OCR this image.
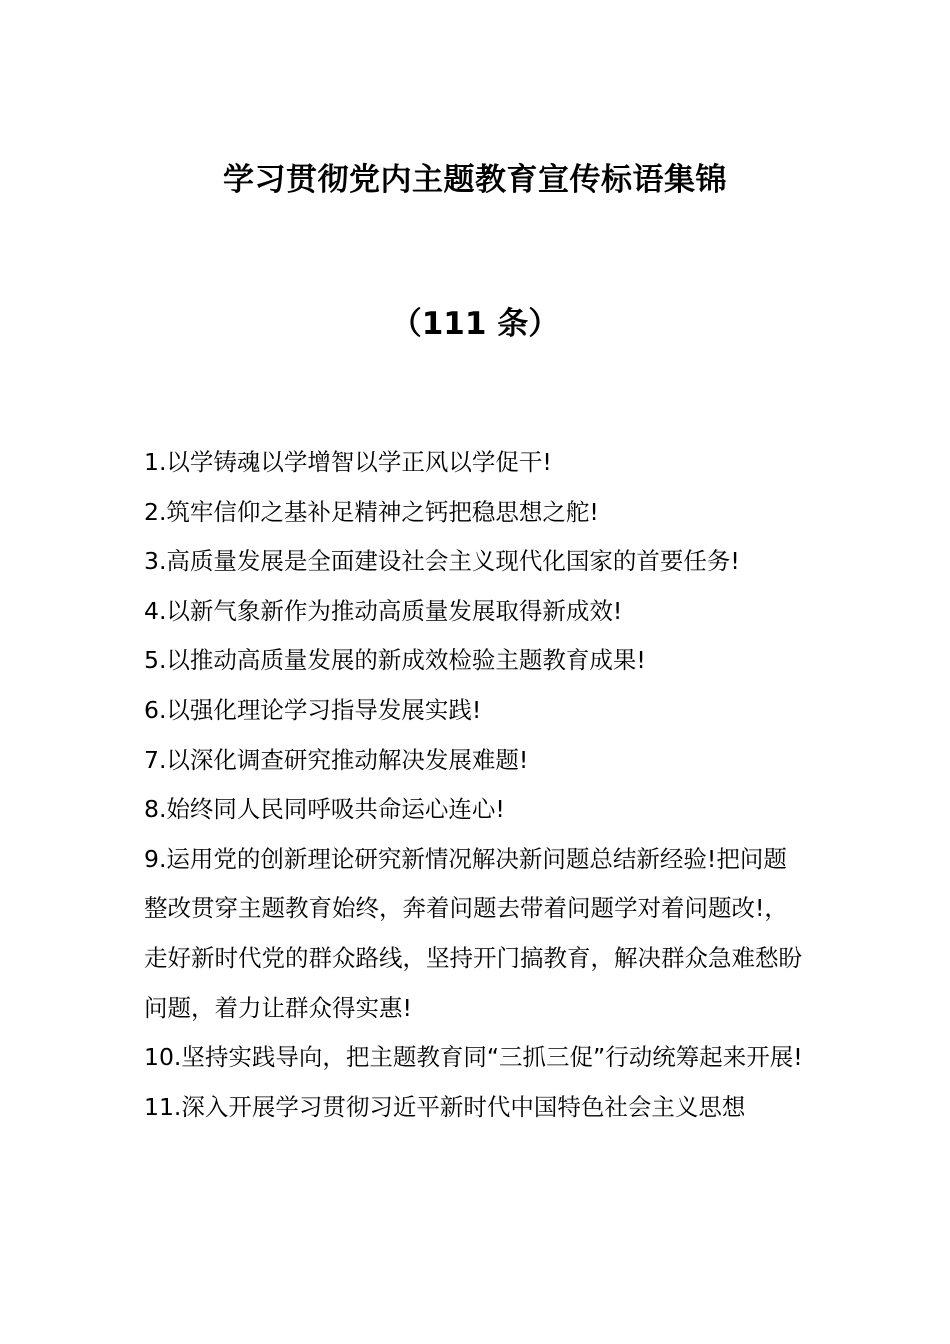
学习贯彻党内主题教育宣传标语集锦
（111 条）

1.以学铸魂以学增智以学正风以学促干!

2.筑牢信仰之基补足精神之钙把稳思想之舵!

3.高质量发展是全面建设社会主义现代化国家的首要任务!

4.以新气象新作为推动高质量发展取得新成效!

5.以推动高质量发展的新成效检验主题教育成果!

6.以强化理论学习指导发展实践!

7.以深化调查研究推动解决发展难题!

8.始终同人民同呼吸共命运心连心!

9.运用党的创新理论研究新情况解决新问题总结新经验!把问题整改贯穿主题教育始终，奔着问题去带着问题学对着问题改!，走好新时代党的群众路线，坚持开门搞教育，解决群众急难愁盼问题，着力让群众得实惠!

10.坚持实践导向，把主题教育同“三抓三促”行动统筹起来开展!

11.深入开展学习贯彻习近平新时代中国特色社会主义思想
